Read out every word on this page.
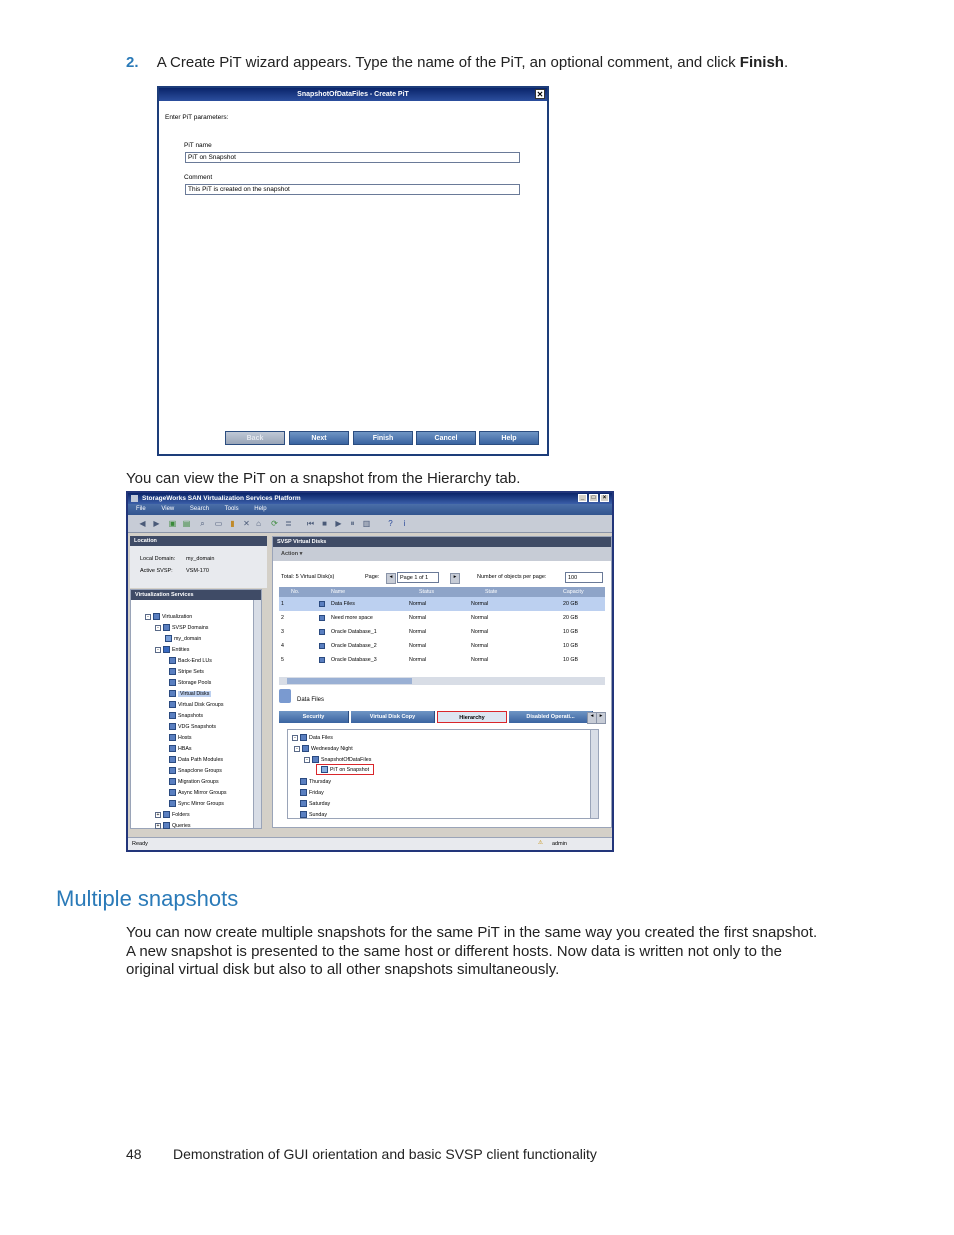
2. A Create PiT wizard appears. Type the name of the PiT, an optional comment, and click Finish.
SnapshotOfDataFiles - Create PiT	✕
Enter PiT parameters:
PiT name
PiT on Snapshot
Comment
This PiT is created on the snapshot
Back	Next	Finish	Cancel	Help
You can view the PiT on a snapshot from the Hierarchy tab.
StorageWorks SAN Virtualization Services Platform	_	□	×
File	View	Search	Tools	Help
◀ ▶ ▣ ▤ ⌕ ▭ ▮ ✕ ⌂ ⟳ ≣ ⏮ ■ ▶	⏸	▥ ?	i
Location
Local Domain: my_domain
Active SVSP: VSM-170
Virtualization Services
- Virtualization
- SVSP Domains
my_domain
- Entities
Back-End LUs
Stripe Sets
Storage Pools
Virtual Disks
Virtual Disk Groups
Snapshots
VDG Snapshots
Hosts
HBAs
Data Path Modules
Snapclone Groups
Migration Groups
Async Mirror Groups
Sync Mirror Groups
+ Folders
+ Queries
SVSP Virtual Disks
Action ▾
Total: 5 Virtual Disk(s)	Page:	◂	Page 1 of 1	▸	Number of objects per page:	100
No.	Name	Status	State	Capacity
1	Data Files	Normal	Normal	20 GB
2	Need more space	Normal	Normal	20 GB
3	Oracle Database_1	Normal	Normal	10 GB
4	Oracle Database_2	Normal	Normal	10 GB
5	Oracle Database_3	Normal	Normal	10 GB
Data Files
Security	Virtual Disk Copy	Hierarchy	Disabled Operati...	◂	▸
- Data Files
- Wednesday Night
- SnapshotOfDataFiles
PiT on Snapshot
Thursday
Friday
Saturday
Sunday
Ready	⚠ admin
Multiple snapshots
You can now create multiple snapshots for the same PiT in the same way you created the first snapshot.
A new snapshot is presented to the same host or different hosts. Now data is written not only to the
original virtual disk but also to all other snapshots simultaneously.
48 Demonstration of GUI orientation and basic SVSP client functionality
